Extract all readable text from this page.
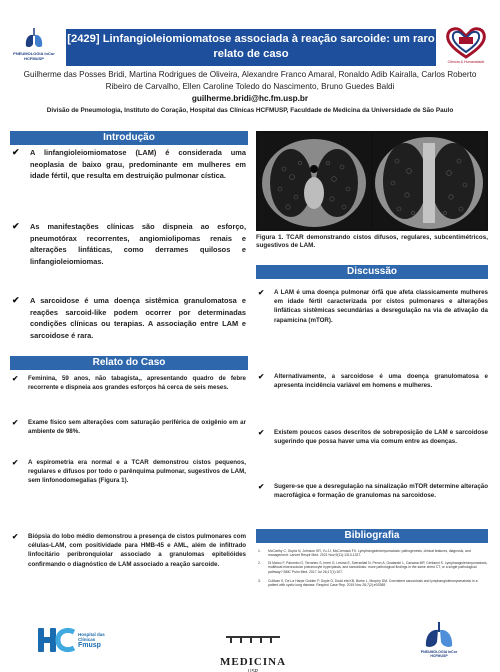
PNEUMOLOGIA InCor HCFMUSP
[2429] Linfangioleiomiomatose associada à reação sarcoide: um raro relato de caso
Ciência & Humanidade
Guilherme das Posses Bridi, Martina Rodrigues de Oliveira, Alexandre Franco Amaral, Ronaldo Adib Kairalla, Carlos Roberto Ribeiro de Carvalho, Ellen Caroline Toledo do Nascimento, Bruno Guedes Baldi
guilherme.bridi@hc.fm.usp.br
Divisão de Pneumologia, Instituto do Coração, Hospital das Clínicas HCFMUSP, Faculdade de Medicina da Universidade de São Paulo
Introdução
✔ A linfangioleiomiomatose (LAM) é considerada uma neoplasia de baixo grau, predominante em mulheres em idade fértil, que resulta em destruição pulmonar cística.
✔ As manifestações clínicas são dispneia ao esforço, pneumotórax recorrentes, angiomiolipomas renais e alterações linfáticas, como derrames quilosos e linfangioleiomiomas.
✔ A sarcoidose é uma doença sistêmica granulomatosa e reações sarcoid-like podem ocorrer por determinadas condições clínicas ou terapias. A associação entre LAM e sarcoidose é rara.
Relato do Caso
✔ Feminina, 59 anos, não tabagista,, apresentando quadro de febre recorrente e dispneia aos grandes esforços há cerca de seis meses.
✔ Exame físico sem alterações com saturação periférica de oxigênio em ar ambiente de 98%.
✔ A espirometria era normal e a TCAR demonstrou cistos pequenos, regulares e difusos por todo o parênquima pulmonar, sugestivos de LAM, sem linfonodomegalias (Figura 1).
✔ Biópsia do lobo médio demonstrou a presença de cistos pulmonares com células-LAM, com positividade para HMB-45 e AML, além de infiltrado linfocitário peribronquiolar associado a granulomas epitelióides confirmando o diagnóstico de LAM associado a reação sarcoide.
Figura 1. TCAR demonstrando cistos difusos, regulares, subcentimétricos, sugestivos de LAM.
Discussão
✔ A LAM é uma doença pulmonar órfã que afeta classicamente mulheres em idade fértil caracterizada por cistos pulmonares e alterações linfáticas sistêmicas secundárias a desregulação na via de ativação da rapamicina (mTOR).
✔ Alternativamente, a sarcoidose é uma doença granulomatosa e apresenta incidência variável em homens e mulheres.
✔ Existem poucos casos descritos de sobreposição de LAM e sarcoidose sugerindo que possa haver uma via comum entre as doenças.
✔ Sugere-se que a desregulação na sinalização mTOR determine alteração macrofágica e formação de granulomas na sarcoidose.
Bibliografia
1. McCarthy C, Gupta N, Johnson SR, Yu JJ, McCormack FX. Lymphangioleiomyomatosis: pathogenesis, clinical features, diagnosis, and management. Lancet Respir Med. 2021 Nov;9(11):1313-1327.
2. Di Marco F, Palumbo G, Terraneo S, Imeri G, Lesma E, Sverzellati N, Peron A, Gualandri L, Carsana MP, Centanni S. Lymphangioleiomyomatosis, multifocal micronodular pneumocyte hyperplasia, and sarcoidosis: more pathological findings in the same chest CT, or a single pathological pathway? BMC Pulm Med. 2017 Jul 26;17(1):107.
3. Cullivan S, De La Harpe Golden P, Doyle D, Dodd eta KB, Burke L, Murphy DM. Coexistent sarcoidosis and lymphangioleiomyomatosis in a patient with cystic lung disease. Respirol Case Rep. 2019 Nov 28;7(2):e00389
Hospital das Clínicas
Fmusp
MEDICINA
USP
PNEUMOLOGIA InCor HCFMUSP
